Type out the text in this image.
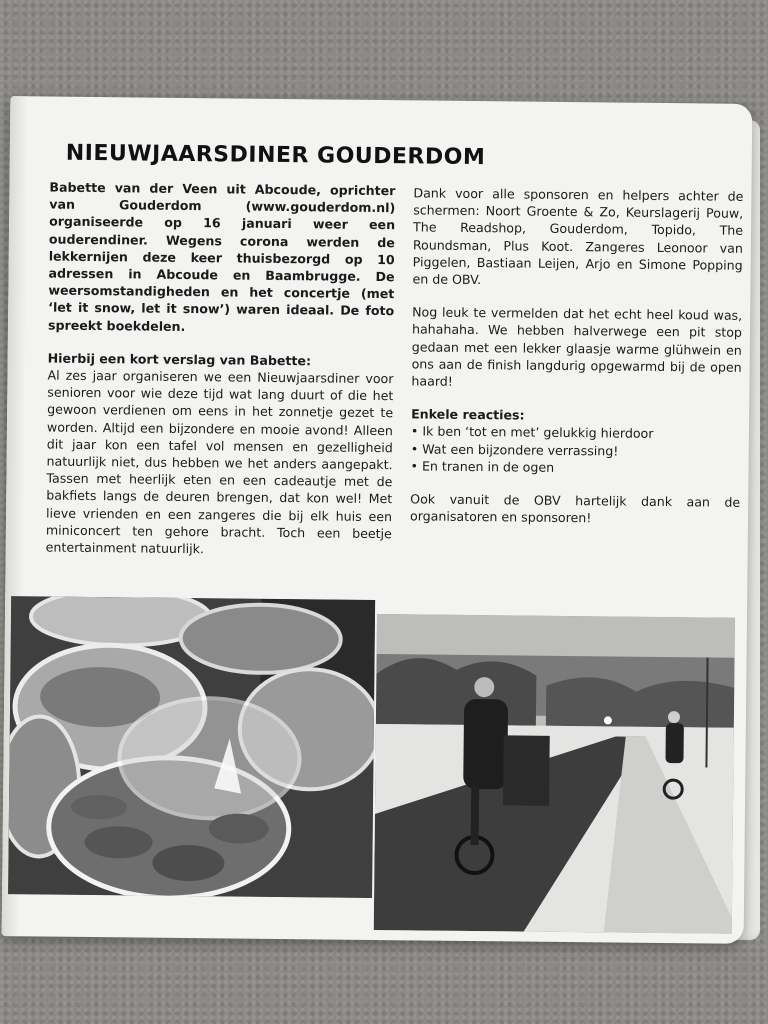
NIEUWJAARSDINER GOUDERDOM

Babette van der Veen uit Abcoude, oprichter van Gouderdom (www.gouderdom.nl) organiseerde op 16 januari weer een ouderendiner. Wegens corona werden de lekkernijen deze keer thuisbezorgd op 10 adressen in Abcoude en Baambrugge. De weersomstandigheden en het concertje (met ‘let it snow, let it snow’) waren ideaal. De foto spreekt boekdelen.

Hierbij een kort verslag van Babette:

Al zes jaar organiseren we een Nieuwjaarsdiner voor senioren voor wie deze tijd wat lang duurt of die het gewoon verdienen om eens in het zonnetje gezet te worden. Altijd een bijzondere en mooie avond! Alleen dit jaar kon een tafel vol mensen en gezelligheid natuurlijk niet, dus hebben we het anders aangepakt. Tassen met heerlijk eten en een cadeautje met de bakfiets langs de deuren brengen, dat kon wel! Met lieve vrienden en een zangeres die bij elk huis een miniconcert ten gehore bracht. Toch een beetje entertainment natuurlijk.

Dank voor alle sponsoren en helpers achter de schermen: Noort Groente & Zo, Keurslagerij Pouw, The Readshop, Gouderdom, Topido, The Roundsman, Plus Koot. Zangeres Leonoor van Piggelen, Bastiaan Leijen, Arjo en Simone Popping en de OBV.

Nog leuk te vermelden dat het echt heel koud was, hahahaha. We hebben halverwege een pit stop gedaan met een lekker glaasje warme glühwein en ons aan de finish langdurig opgewarmd bij de open haard!

Enkele reacties:

• Ik ben ‘tot en met’ gelukkig hierdoor
• Wat een bijzondere verrassing!
• En tranen in de ogen

Ook vanuit de OBV hartelijk dank aan de organisatoren en sponsoren!
